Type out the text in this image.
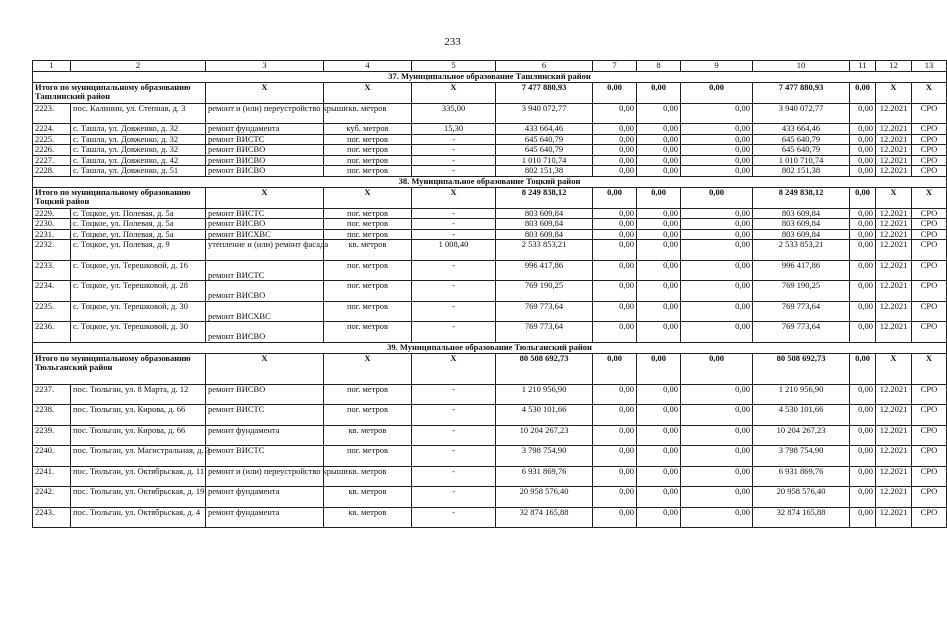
233
1	2	3	4	5	6	7	8	9	10	11	12	13
37. Муниципальное образование Ташлинский район												
Итого по муниципальному образованию Ташлинский район		X	X	X	7 477 880,93	0,00	0,00	0,00	7 477 880,93	0,00	X	X
2223.	пос. Калинин, ул. Степная, д. 3	ремонт и (или) переустройство крыши	кв. метров	335,00	3 940 072,77	0,00	0,00	0,00	3 940 072,77	0,00	12.2021	СРО
2224.	с. Ташла, ул. Довженко, д. 32	ремонт фундамента	куб. метров	15,30	433 664,46	0,00	0,00	0,00	433 664,46	0,00	12.2021	СРО
2225.	с. Ташла, ул. Довженко, д. 32	ремонт ВИСТС	пог. метров	-	645 640,79	0,00	0,00	0,00	645 640,79	0,00	12.2021	СРО
2226.	с. Ташла, ул. Довженко, д. 32	ремонт ВИСВО	пог. метров	-	645 640,79	0,00	0,00	0,00	645 640,79	0,00	12.2021	СРО
2227.	с. Ташла, ул. Довженко, д. 42	ремонт ВИСВО	пог. метров	-	1 010 710,74	0,00	0,00	0,00	1 010 710,74	0,00	12.2021	СРО
2228.	с. Ташла, ул. Довженко, д. 51	ремонт ВИСВО	пог. метров	-	802 151,38	0,00	0,00	0,00	802 151,38	0,00	12.2021	СРО
38. Муниципальное образование Тоцкий район												
Итого по муниципальному образованию Тоцкий район		X	X	X	8 249 838,12	0,00	0,00	0,00	8 249 838,12	0,00	X	X
2229.	с. Тоцкое, ул. Полевая, д. 5а	ремонт ВИСТС	пог. метров	-	803 609,84	0,00	0,00	0,00	803 609,84	0,00	12.2021	СРО
2230.	с. Тоцкое, ул. Полевая, д. 5а	ремонт ВИСВО	пог. метров	-	803 609,84	0,00	0,00	0,00	803 609,84	0,00	12.2021	СРО
2231.	с. Тоцкое, ул. Полевая, д. 5а	ремонт ВИСХВС	пог. метров	-	803 609,84	0,00	0,00	0,00	803 609,84	0,00	12.2021	СРО
2232.	с. Тоцкое, ул. Полевая, д. 9	утепление и (или) ремонт фасада	кв. метров	1 008,40	2 533 853,21	0,00	0,00	0,00	2 533 853,21	0,00	12.2021	СРО
2233.	с. Тоцкое, ул. Терешковой, д. 16	ремонт ВИСТС	пог. метров	-	996 417,86	0,00	0,00	0,00	996 417,86	0,00	12.2021	СРО
2234.	с. Тоцкое, ул. Терешковой, д. 28	ремонт ВИСВО	пог. метров	-	769 190,25	0,00	0,00	0,00	769 190,25	0,00	12.2021	СРО
2235.	с. Тоцкое, ул. Терешковой, д. 30	ремонт ВИСХВС	пог. метров	-	769 773,64	0,00	0,00	0,00	769 773,64	0,00	12.2021	СРО
2236.	с. Тоцкое, ул. Терешковой, д. 30	ремонт ВИСВО	пог. метров	-	769 773,64	0,00	0,00	0,00	769 773,64	0,00	12.2021	СРО
39. Муниципальное образование Тюльганский район												
Итого по муниципальному образованию Тюльганский район		X	X	X	80 508 692,73	0,00	0,00	0,00	80 508 692,73	0,00	X	X
2237.	пос. Тюльган, ул. 8 Марта, д. 12	ремонт ВИСВО	пог. метров	-	1 210 956,90	0,00	0,00	0,00	1 210 956,90	0,00	12.2021	СРО
2238.	пос. Тюльган, ул. Кирова, д. 66	ремонт ВИСТС	пог. метров	-	4 530 101,66	0,00	0,00	0,00	4 530 101,66	0,00	12.2021	СРО
2239.	пос. Тюльган, ул. Кирова, д. 66	ремонт фундамента	кв. метров	-	10 204 267,23	0,00	0,00	0,00	10 204 267,23	0,00	12.2021	СРО
2240.	пос. Тюльган, ул. Магистральная, д. 3	ремонт ВИСТС	пог. метров	-	3 798 754,90	0,00	0,00	0,00	3 798 754,90	0,00	12.2021	СРО
2241.	пос. Тюльган, ул. Октябрьская, д. 11	ремонт и (или) переустройство крыши	кв. метров	-	6 931 869,76	0,00	0,00	0,00	6 931 869,76	0,00	12.2021	СРО
2242.	пос. Тюльган, ул. Октябрьская, д. 19	ремонт фундамента	кв. метров	-	20 958 576,40	0,00	0,00	0,00	20 958 576,40	0,00	12.2021	СРО
2243.	пос. Тюльган, ул. Октябрьская, д. 4	ремонт фундамента	кв. метров	-	32 874 165,88	0,00	0,00	0,00	32 874 165,88	0,00	12.2021	СРО
